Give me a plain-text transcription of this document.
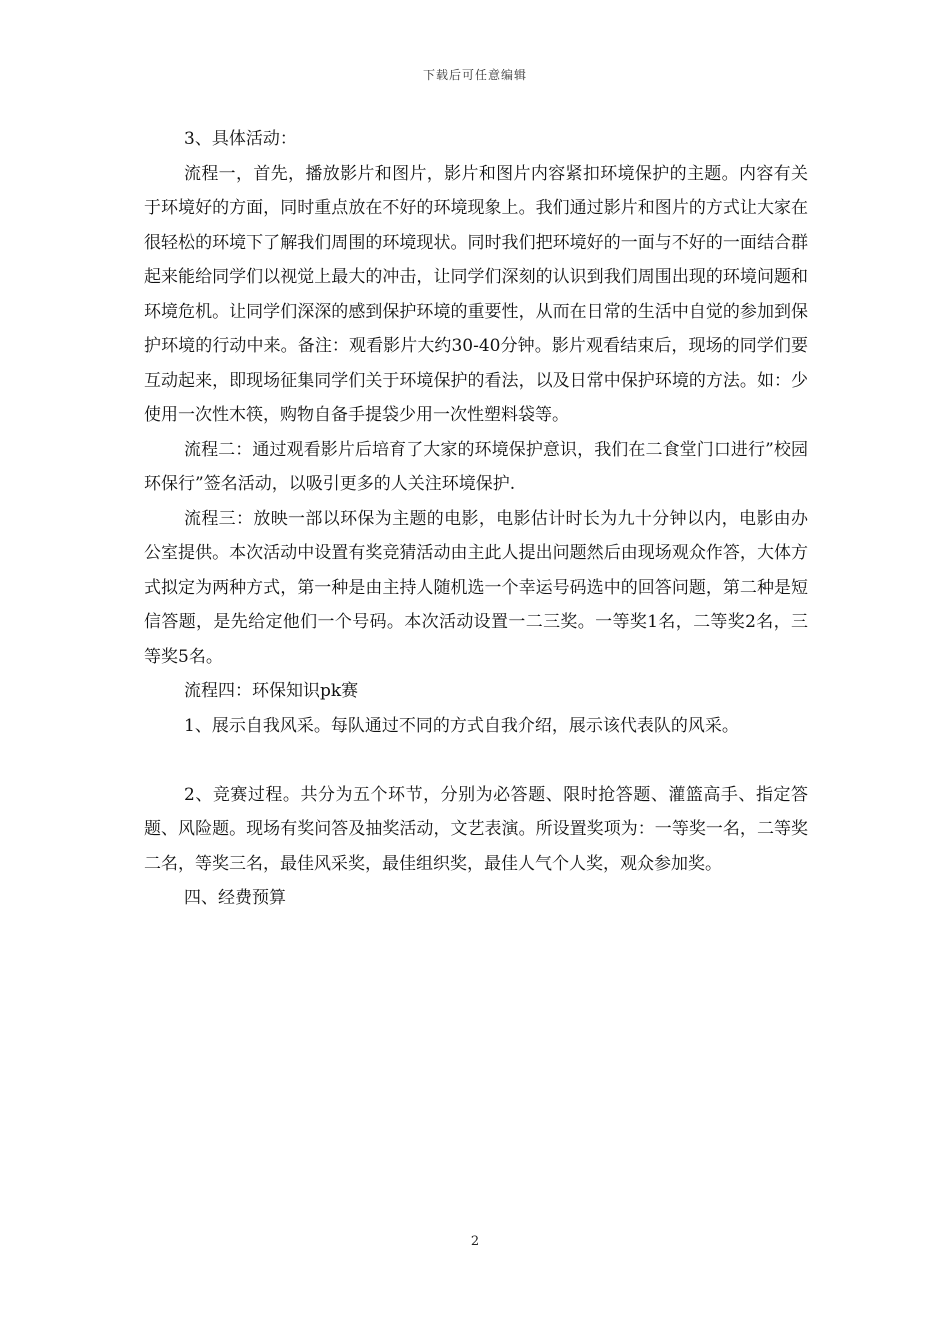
下载后可任意编辑

3、具体活动：

流程一，首先，播放影片和图片，影片和图片内容紧扣环境保护的主题。内容有关于环境好的方面，同时重点放在不好的环境现象上。我们通过影片和图片的方式让大家在很轻松的环境下了解我们周围的环境现状。同时我们把环境好的一面与不好的一面结合群起来能给同学们以视觉上最大的冲击，让同学们深刻的认识到我们周围出现的环境问题和环境危机。让同学们深深的感到保护环境的重要性，从而在日常的生活中自觉的参加到保护环境的行动中来。备注：观看影片大约30-40分钟。影片观看结束后，现场的同学们要互动起来，即现场征集同学们关于环境保护的看法，以及日常中保护环境的方法。如：少使用一次性木筷，购物自备手提袋少用一次性塑料袋等。

流程二：通过观看影片后培育了大家的环境保护意识，我们在二食堂门口进行”校园环保行”签名活动，以吸引更多的人关注环境保护.

流程三：放映一部以环保为主题的电影，电影估计时长为九十分钟以内，电影由办公室提供。本次活动中设置有奖竞猜活动由主此人提出问题然后由现场观众作答，大体方式拟定为两种方式，第一种是由主持人随机选一个幸运号码选中的回答问题，第二种是短信答题，是先给定他们一个号码。本次活动设置一二三奖。一等奖1名，二等奖2名，三等奖5名。

流程四：环保知识pk赛

1、展示自我风采。每队通过不同的方式自我介绍，展示该代表队的风采。

2、竞赛过程。共分为五个环节，分别为必答题、限时抢答题、灌篮高手、指定答题、风险题。现场有奖问答及抽奖活动，文艺表演。所设置奖项为：一等奖一名，二等奖二名，等奖三名，最佳风采奖，最佳组织奖，最佳人气个人奖，观众参加奖。

四、经费预算

2
